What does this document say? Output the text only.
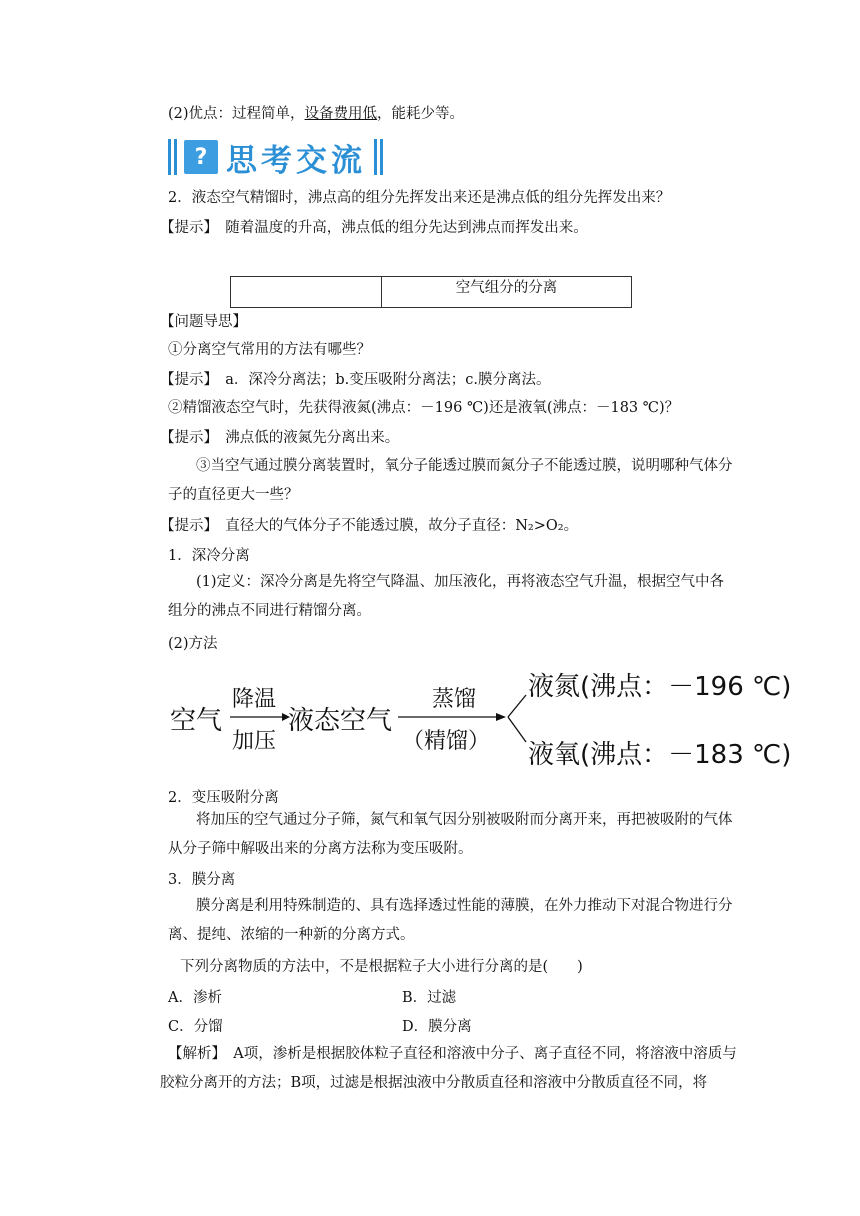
(2)优点：过程简单，设备费用低，能耗少等。
? 思考交流
2．液态空气精馏时，沸点高的组分先挥发出来还是沸点低的组分先挥发出来？
【提示】　随着温度的升高，沸点低的组分先达到沸点而挥发出来。
空气组分的分离
【问题导思】
①分离空气常用的方法有哪些？
【提示】　a．深冷分离法；b.变压吸附分离法；c.膜分离法。
②精馏液态空气时，先获得液氮(沸点：－196 ℃)还是液氧(沸点：－183 ℃)？
【提示】　沸点低的液氮先分离出来。
③当空气通过膜分离装置时，氧分子能透过膜而氮分子不能透过膜，说明哪种气体分子的直径更大一些？
【提示】　直径大的气体分子不能透过膜，故分子直径：N₂>O₂。
1．深冷分离
(1)定义：深冷分离是先将空气降温、加压液化，再将液态空气升温，根据空气中各组分的沸点不同进行精馏分离。
(2)方法
空气
降温
加压
液态空气
蒸馏
（精馏）
液氮(沸点：－196 ℃)
液氧(沸点：－183 ℃)
2．变压吸附分离
将加压的空气通过分子筛，氮气和氧气因分别被吸附而分离开来，再把被吸附的气体从分子筛中解吸出来的分离方法称为变压吸附。
3．膜分离
膜分离是利用特殊制造的、具有选择透过性能的薄膜，在外力推动下对混合物进行分离、提纯、浓缩的一种新的分离方式。
下列分离物质的方法中，不是根据粒子大小进行分离的是(　　)
A．渗析	B．过滤
C．分馏	D．膜分离
【解析】　A项，渗析是根据胶体粒子直径和溶液中分子、离子直径不同，将溶液中溶质与胶粒分离开的方法；B项，过滤是根据浊液中分散质直径和溶液中分散质直径不同，将
